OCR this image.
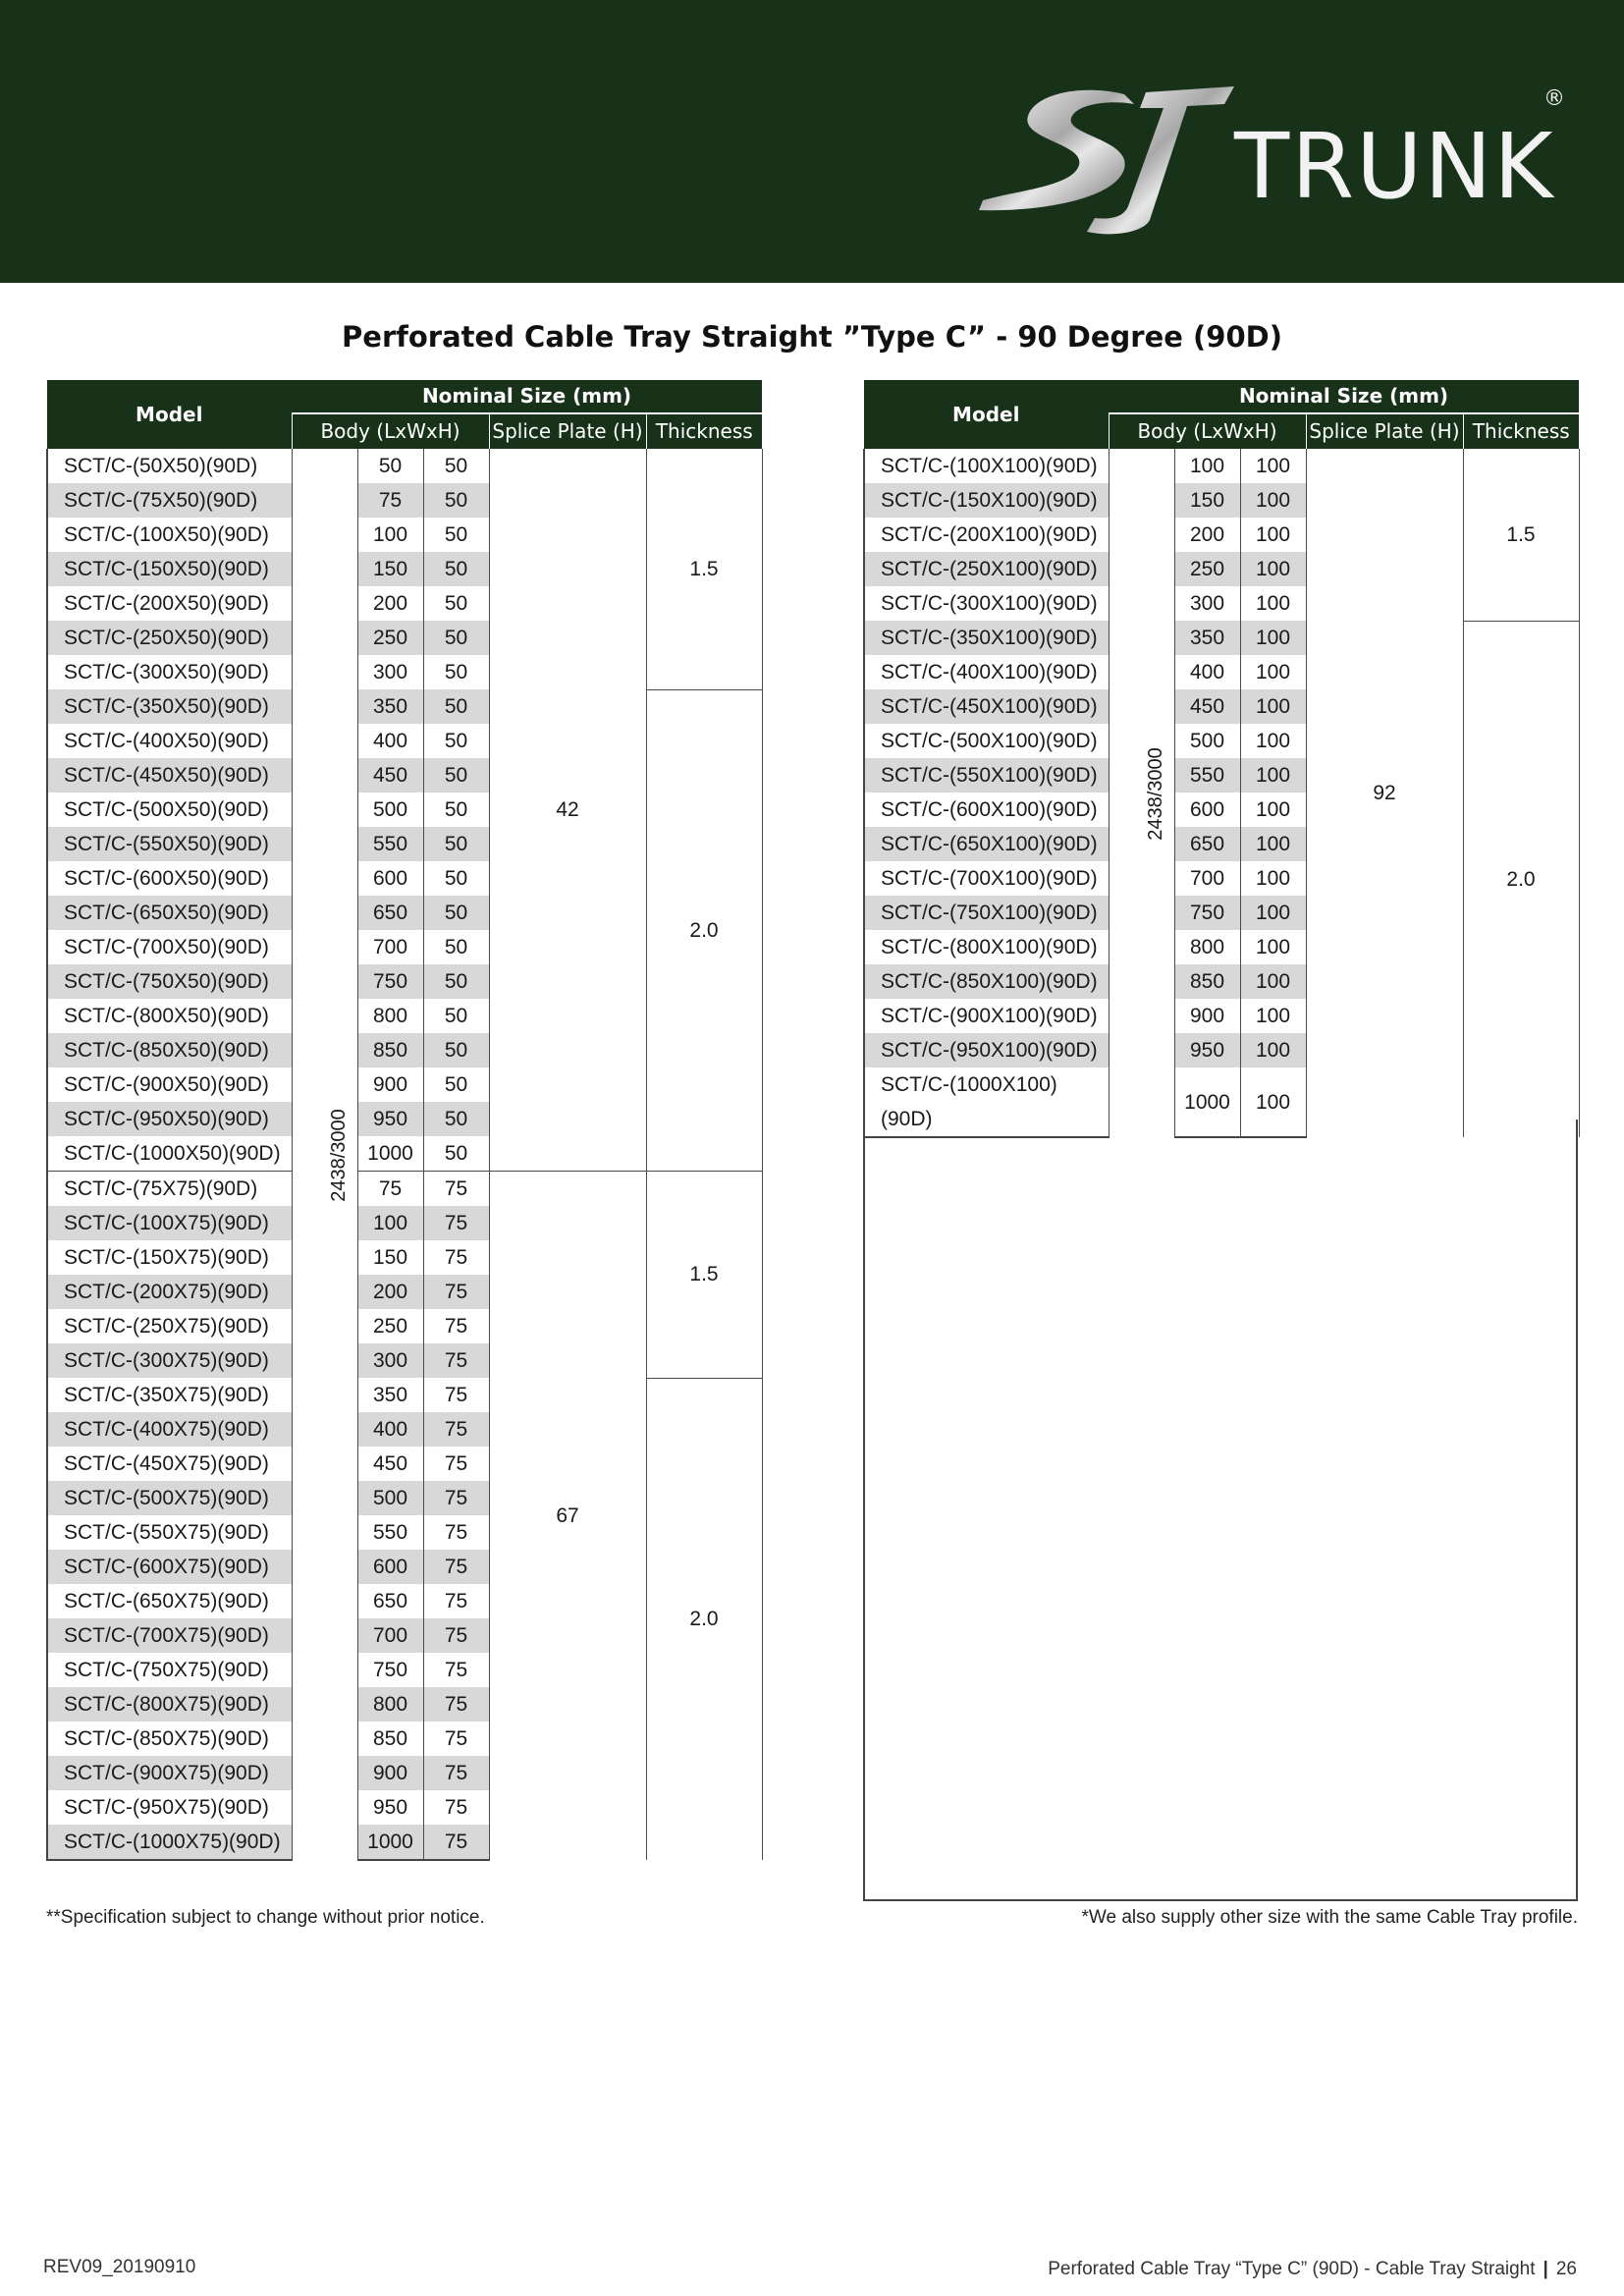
TRUNK
®
Perforated Cable Tray Straight ”Type C” - 90 Degree (90D)
Model	Nominal Size (mm)				
	Body (LxWxH)			Splice Plate (H)	Thickness
SCT/C-(50X50)(90D)	2438/3000	50	50	42	1.5
SCT/C-(75X50)(90D)		75	50		
SCT/C-(100X50)(90D)		100	50		
SCT/C-(150X50)(90D)		150	50		
SCT/C-(200X50)(90D)		200	50		
SCT/C-(250X50)(90D)		250	50		
SCT/C-(300X50)(90D)		300	50		
SCT/C-(350X50)(90D)		350	50		2.0
SCT/C-(400X50)(90D)		400	50		
SCT/C-(450X50)(90D)		450	50		
SCT/C-(500X50)(90D)		500	50		
SCT/C-(550X50)(90D)		550	50		
SCT/C-(600X50)(90D)		600	50		
SCT/C-(650X50)(90D)		650	50		
SCT/C-(700X50)(90D)		700	50		
SCT/C-(750X50)(90D)		750	50		
SCT/C-(800X50)(90D)		800	50		
SCT/C-(850X50)(90D)		850	50		
SCT/C-(900X50)(90D)		900	50		
SCT/C-(950X50)(90D)		950	50		
SCT/C-(1000X50)(90D)		1000	50		
SCT/C-(75X75)(90D)		75	75	67	1.5
SCT/C-(100X75)(90D)		100	75		
SCT/C-(150X75)(90D)		150	75		
SCT/C-(200X75)(90D)		200	75		
SCT/C-(250X75)(90D)		250	75		
SCT/C-(300X75)(90D)		300	75		
SCT/C-(350X75)(90D)		350	75		2.0
SCT/C-(400X75)(90D)		400	75		
SCT/C-(450X75)(90D)		450	75		
SCT/C-(500X75)(90D)		500	75		
SCT/C-(550X75)(90D)		550	75		
SCT/C-(600X75)(90D)		600	75		
SCT/C-(650X75)(90D)		650	75		
SCT/C-(700X75)(90D)		700	75		
SCT/C-(750X75)(90D)		750	75		
SCT/C-(800X75)(90D)		800	75		
SCT/C-(850X75)(90D)		850	75		
SCT/C-(900X75)(90D)		900	75		
SCT/C-(950X75)(90D)		950	75		
SCT/C-(1000X75)(90D)		1000	75		
Model	Nominal Size (mm)				
	Body (LxWxH)			Splice Plate (H)	Thickness
SCT/C-(100X100)(90D)	2438/3000	100	100	92	1.5
SCT/C-(150X100)(90D)		150	100		
SCT/C-(200X100)(90D)		200	100		
SCT/C-(250X100)(90D)		250	100		
SCT/C-(300X100)(90D)		300	100		
SCT/C-(350X100)(90D)		350	100		2.0
SCT/C-(400X100)(90D)		400	100		
SCT/C-(450X100)(90D)		450	100		
SCT/C-(500X100)(90D)		500	100		
SCT/C-(550X100)(90D)		550	100		
SCT/C-(600X100)(90D)		600	100		
SCT/C-(650X100)(90D)		650	100		
SCT/C-(700X100)(90D)		700	100		
SCT/C-(750X100)(90D)		750	100		
SCT/C-(800X100)(90D)		800	100		
SCT/C-(850X100)(90D)		850	100		
SCT/C-(900X100)(90D)		900	100		
SCT/C-(950X100)(90D)		950	100		
SCT/C-(1000X100)(90D)		1000	100		
**Specification subject to change without prior notice.	*We also supply other size with the same Cable Tray profile.
REV09_20190910	Perforated Cable Tray “Type C” (90D) - Cable Tray Straight | 26
